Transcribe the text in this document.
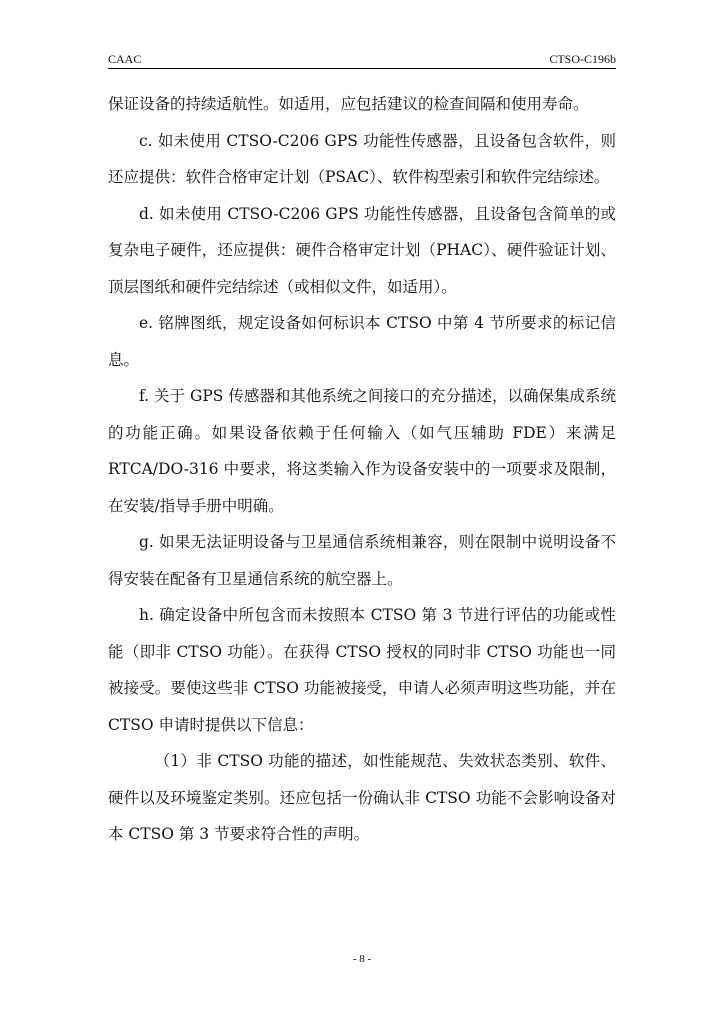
CAAC	CTSO-C196b

保证设备的持续适航性。如适用，应包括建议的检查间隔和使用寿命。

c. 如未使用 CTSO-C206 GPS 功能性传感器，且设备包含软件，则还应提供：软件合格审定计划（PSAC）、软件构型索引和软件完结综述。

d. 如未使用 CTSO-C206 GPS 功能性传感器，且设备包含简单的或复杂电子硬件，还应提供：硬件合格审定计划（PHAC）、硬件验证计划、顶层图纸和硬件完结综述（或相似文件，如适用）。

e. 铭牌图纸，规定设备如何标识本 CTSO 中第 4 节所要求的标记信息。

f. 关于 GPS 传感器和其他系统之间接口的充分描述，以确保集成系统的功能正确。如果设备依赖于任何输入（如气压辅助 FDE）来满足 RTCA/DO-316 中要求，将这类输入作为设备安装中的一项要求及限制，在安装/指导手册中明确。

g. 如果无法证明设备与卫星通信系统相兼容，则在限制中说明设备不得安装在配备有卫星通信系统的航空器上。

h. 确定设备中所包含而未按照本 CTSO 第 3 节进行评估的功能或性能（即非 CTSO 功能）。在获得 CTSO 授权的同时非 CTSO 功能也一同被接受。要使这些非 CTSO 功能被接受，申请人必须声明这些功能，并在 CTSO 申请时提供以下信息：

（1）非 CTSO 功能的描述，如性能规范、失效状态类别、软件、硬件以及环境鉴定类别。还应包括一份确认非 CTSO 功能不会影响设备对本 CTSO 第 3 节要求符合性的声明。

- 8 -
